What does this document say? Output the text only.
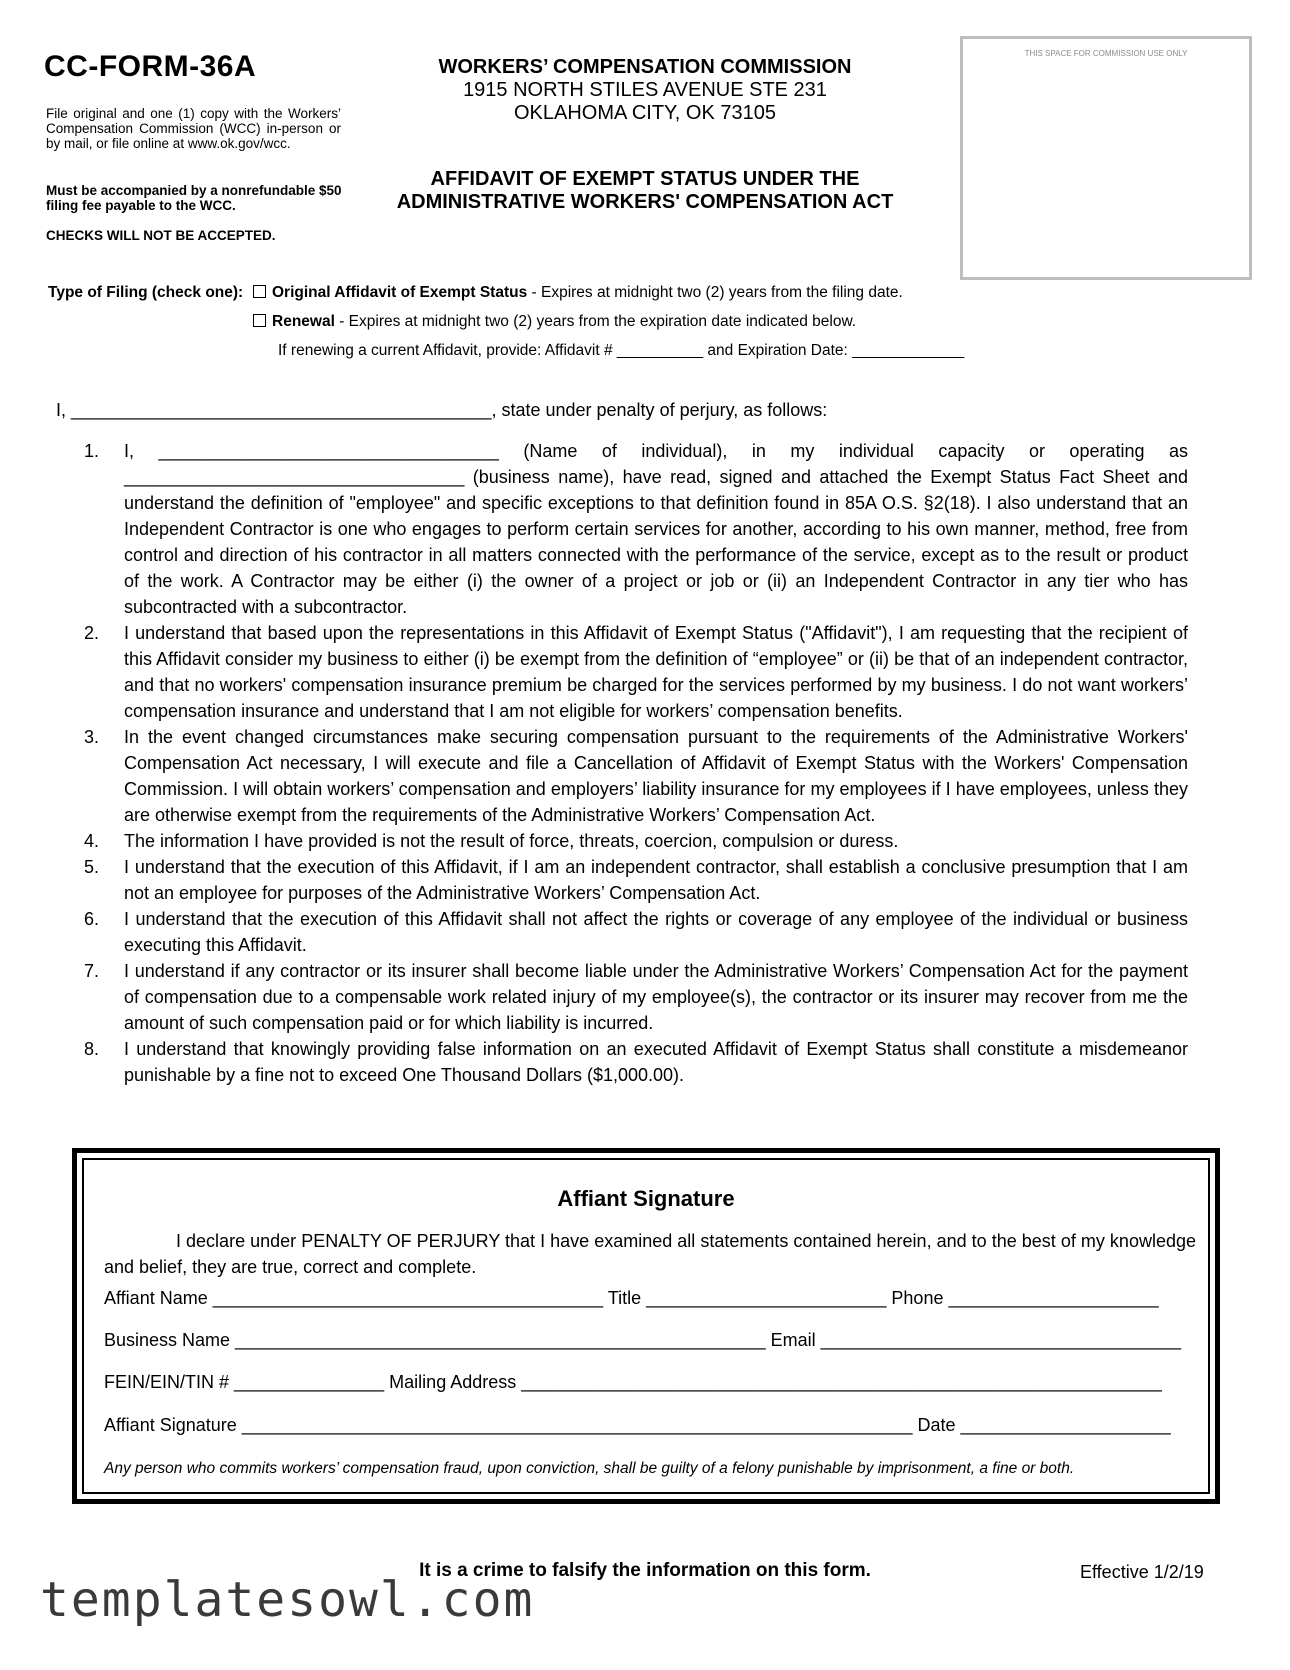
CC-FORM-36A
File original and one (1) copy with the Workers’ Compensation Commission (WCC) in-person or by mail, or file online at www.ok.gov/wcc.
Must be accompanied by a nonrefundable $50 filing fee payable to the WCC.
CHECKS WILL NOT BE ACCEPTED.
WORKERS’ COMPENSATION COMMISSION
1915 NORTH STILES AVENUE STE 231
OKLAHOMA CITY, OK 73105
AFFIDAVIT OF EXEMPT STATUS UNDER THE
ADMINISTRATIVE WORKERS' COMPENSATION ACT
THIS SPACE FOR COMMISSION USE ONLY
Type of Filing (check one): Original Affidavit of Exempt Status - Expires at midnight two (2) years from the filing date.
Renewal - Expires at midnight two (2) years from the expiration date indicated below.
If renewing a current Affidavit, provide: Affidavit # __________ and Expiration Date: _____________
I, __________________________________________, state under penalty of perjury, as follows:
1. I, __________________________________ (Name of individual), in my individual capacity or operating as
__________________________________ (business name), have read, signed and attached the Exempt Status Fact Sheet and understand the definition of "employee" and specific exceptions to that definition found in 85A O.S. §2(18). I also understand that an Independent Contractor is one who engages to perform certain services for another, according to his own manner, method, free from control and direction of his contractor in all matters connected with the performance of the service, except as to the result or product of the work. A Contractor may be either (i) the owner of a project or job or (ii) an Independent Contractor in any tier who has subcontracted with a subcontractor.
2. I understand that based upon the representations in this Affidavit of Exempt Status ("Affidavit"), I am requesting that the recipient of this Affidavit consider my business to either (i) be exempt from the definition of “employee” or (ii) be that of an independent contractor, and that no workers' compensation insurance premium be charged for the services performed by my business. I do not want workers’ compensation insurance and understand that I am not eligible for workers’ compensation benefits.
3. In the event changed circumstances make securing compensation pursuant to the requirements of the Administrative Workers' Compensation Act necessary, I will execute and file a Cancellation of Affidavit of Exempt Status with the Workers' Compensation Commission. I will obtain workers’ compensation and employers’ liability insurance for my employees if I have employees, unless they are otherwise exempt from the requirements of the Administrative Workers’ Compensation Act.
4. The information I have provided is not the result of force, threats, coercion, compulsion or duress.
5. I understand that the execution of this Affidavit, if I am an independent contractor, shall establish a conclusive presumption that I am not an employee for purposes of the Administrative Workers’ Compensation Act.
6. I understand that the execution of this Affidavit shall not affect the rights or coverage of any employee of the individual or business executing this Affidavit.
7. I understand if any contractor or its insurer shall become liable under the Administrative Workers’ Compensation Act for the payment of compensation due to a compensable work related injury of my employee(s), the contractor or its insurer may recover from me the amount of such compensation paid or for which liability is incurred.
8. I understand that knowingly providing false information on an executed Affidavit of Exempt Status shall constitute a misdemeanor punishable by a fine not to exceed One Thousand Dollars ($1,000.00).
Affiant Signature
I declare under PENALTY OF PERJURY that I have examined all statements contained herein, and to the best of my knowledge and belief, they are true, correct and complete.
Affiant Name _______________________________________ Title ________________________ Phone _____________________
Business Name _____________________________________________________ Email ____________________________________
FEIN/EIN/TIN # _______________ Mailing Address ________________________________________________________________
Affiant Signature ___________________________________________________________________ Date _____________________
Any person who commits workers’ compensation fraud, upon conviction, shall be guilty of a felony punishable by imprisonment, a fine or both.
It is a crime to falsify the information on this form.	Effective 1/2/19
templatesowl.com
